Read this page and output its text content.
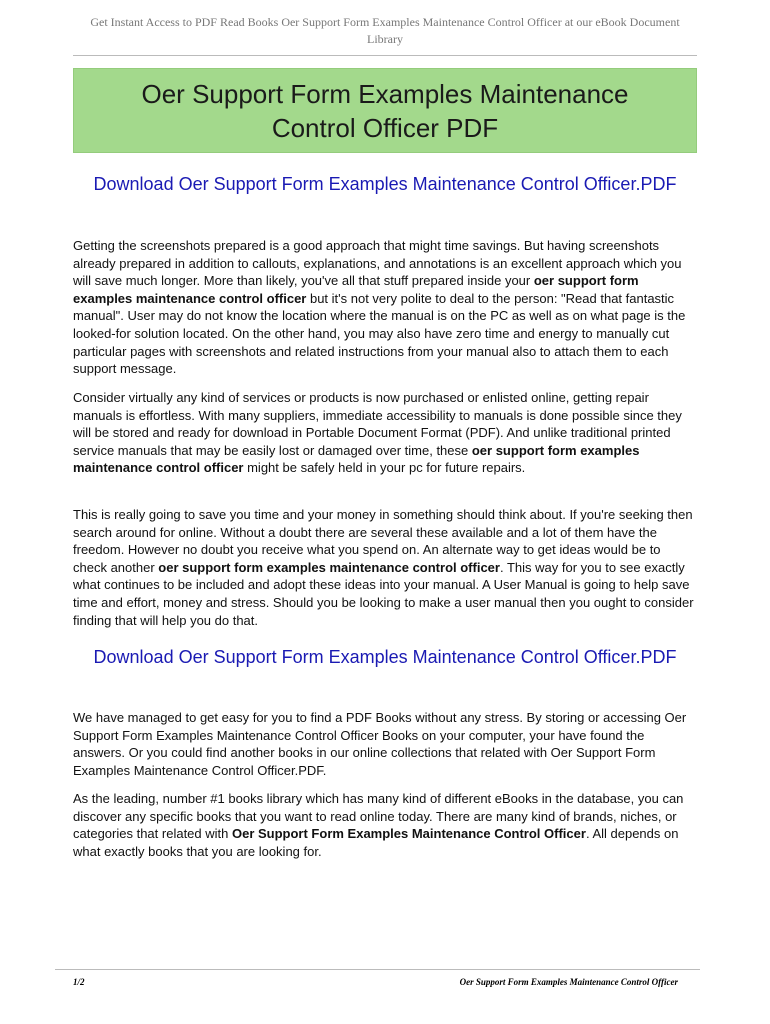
Get Instant Access to PDF Read Books Oer Support Form Examples Maintenance Control Officer at our eBook Document Library
Oer Support Form Examples Maintenance Control Officer PDF
Download Oer Support Form Examples Maintenance Control Officer.PDF

Getting the screenshots prepared is a good approach that might time savings. But having screenshots already prepared in addition to callouts, explanations, and annotations is an excellent approach which you will save much longer. More than likely, you've all that stuff prepared inside your oer support form examples maintenance control officer but it's not very polite to deal to the person: "Read that fantastic manual". User may do not know the location where the manual is on the PC as well as on what page is the looked-for solution located. On the other hand, you may also have zero time and energy to manually cut particular pages with screenshots and related instructions from your manual also to attach them to each support message.

Consider virtually any kind of services or products is now purchased or enlisted online, getting repair manuals is effortless. With many suppliers, immediate accessibility to manuals is done possible since they will be stored and ready for download in Portable Document Format (PDF). And unlike traditional printed service manuals that may be easily lost or damaged over time, these oer support form examples maintenance control officer might be safely held in your pc for future repairs.

This is really going to save you time and your money in something should think about. If you're seeking then search around for online. Without a doubt there are several these available and a lot of them have the freedom. However no doubt you receive what you spend on. An alternate way to get ideas would be to check another oer support form examples maintenance control officer. This way for you to see exactly what continues to be included and adopt these ideas into your manual. A User Manual is going to help save time and effort, money and stress. Should you be looking to make a user manual then you ought to consider finding that will help you do that.

Download Oer Support Form Examples Maintenance Control Officer.PDF

We have managed to get easy for you to find a PDF Books without any stress. By storing or accessing Oer Support Form Examples Maintenance Control Officer Books on your computer, your have found the answers. Or you could find another books in our online collections that related with Oer Support Form Examples Maintenance Control Officer.PDF.

As the leading, number #1 books library which has many kind of different eBooks in the database, you can discover any specific books that you want to read online today. There are many kind of brands, niches, or categories that related with Oer Support Form Examples Maintenance Control Officer. All depends on what exactly books that you are looking for.

1/2	Oer Support Form Examples Maintenance Control Officer
